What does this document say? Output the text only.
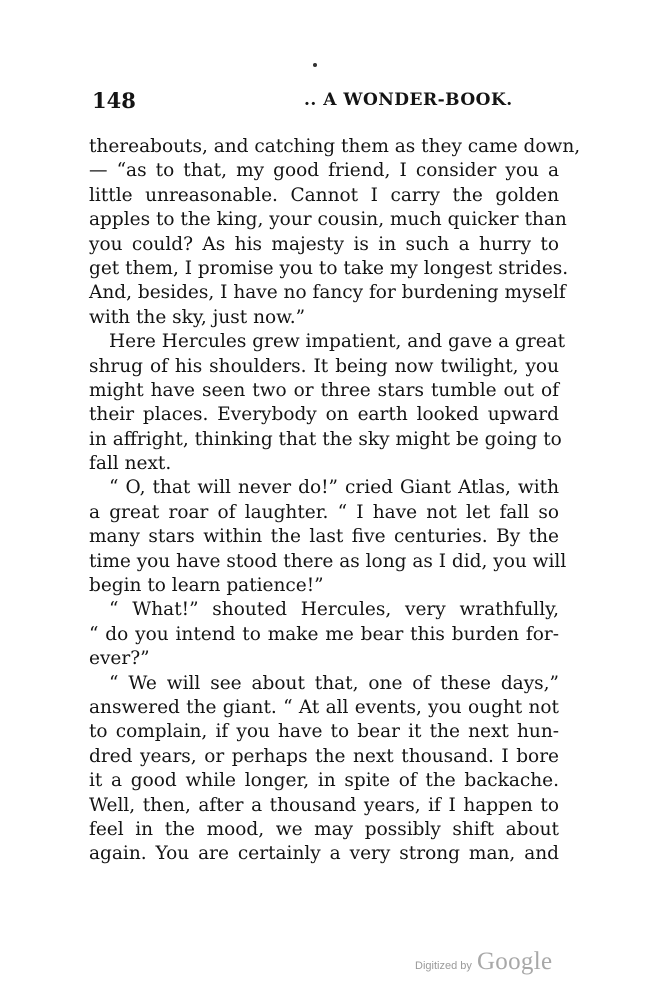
148	.. A WONDER-BOOK.
thereabouts, and catching them as they came down,
— “as to that, my good friend, I consider you a
little unreasonable. Cannot I carry the golden
apples to the king, your cousin, much quicker than
you could? As his majesty is in such a hurry to
get them, I promise you to take my longest strides.
And, besides, I have no fancy for burdening myself
with the sky, just now.”
Here Hercules grew impatient, and gave a great
shrug of his shoulders. It being now twilight, you
might have seen two or three stars tumble out of
their places. Everybody on earth looked upward
in affright, thinking that the sky might be going to
fall next.
“ O, that will never do!” cried Giant Atlas, with
a great roar of laughter. “ I have not let fall so
many stars within the last five centuries. By the
time you have stood there as long as I did, you will
begin to learn patience!”
“ What!” shouted Hercules, very wrathfully,
“ do you intend to make me bear this burden for-
ever?”
“ We will see about that, one of these days,”
answered the giant. “ At all events, you ought not
to complain, if you have to bear it the next hun-
dred years, or perhaps the next thousand. I bore
it a good while longer, in spite of the backache.
Well, then, after a thousand years, if I happen to
feel in the mood, we may possibly shift about
again. You are certainly a very strong man, and
Digitized by Google
